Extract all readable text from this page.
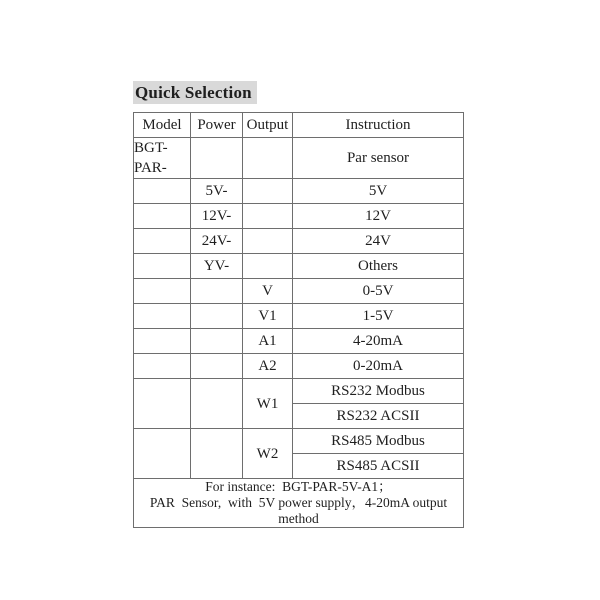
Quick Selection
Model	Power	Output	Instruction

BGT-
PAR-			Par sensor
	5V-		5V
	12V-		12V
	24V-		24V
	YV-		Others
		V	0-5V
		V1	1-5V
		A1	4-20mA
		A2	0-20mA
		W1	RS232 Modbus
			RS232 ACSII
		W2	RS485 Modbus
			RS485 ACSII

For instance:  BGT-PAR-5V-A1；
PAR  Sensor,  with  5V power supply，4-20mA output method			
